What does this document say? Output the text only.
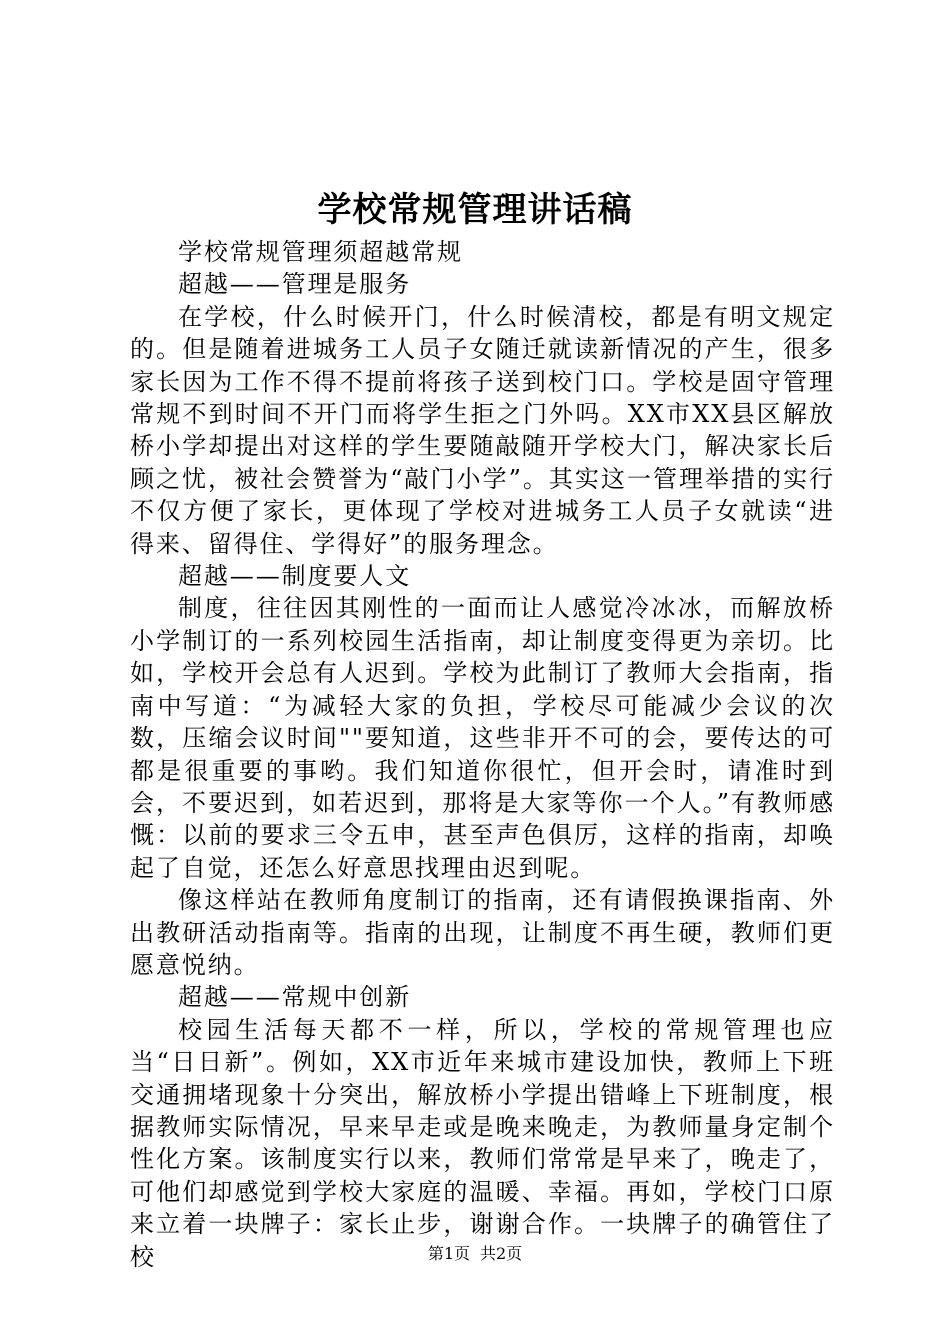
学校常规管理讲话稿

学校常规管理须超越常规

超越——管理是服务

在学校，什么时候开门，什么时候清校，都是有明文规定的。但是随着进城务工人员子女随迁就读新情况的产生，很多家长因为工作不得不提前将孩子送到校门口。学校是固守管理常规不到时间不开门而将学生拒之门外吗。XX市XX县区解放桥小学却提出对这样的学生要随敲随开学校大门，解决家长后顾之忧，被社会赞誉为“敲门小学”。其实这一管理举措的实行不仅方便了家长，更体现了学校对进城务工人员子女就读“进得来、留得住、学得好”的服务理念。

超越——制度要人文

制度，往往因其刚性的一面而让人感觉冷冰冰，而解放桥小学制订的一系列校园生活指南，却让制度变得更为亲切。比如，学校开会总有人迟到。学校为此制订了教师大会指南，指南中写道：“为减轻大家的负担，学校尽可能减少会议的次数，压缩会议时间""要知道，这些非开不可的会，要传达的可都是很重要的事哟。我们知道你很忙，但开会时，请准时到会，不要迟到，如若迟到，那将是大家等你一个人。”有教师感慨：以前的要求三令五申，甚至声色俱厉，这样的指南，却唤起了自觉，还怎么好意思找理由迟到呢。

像这样站在教师角度制订的指南，还有请假换课指南、外出教研活动指南等。指南的出现，让制度不再生硬，教师们更愿意悦纳。

超越——常规中创新

校园生活每天都不一样，所以，学校的常规管理也应当“日日新”。例如，XX市近年来城市建设加快，教师上下班交通拥堵现象十分突出，解放桥小学提出错峰上下班制度，根据教师实际情况，早来早走或是晚来晚走，为教师量身定制个性化方案。该制度实行以来，教师们常常是早来了，晚走了，可他们却感觉到学校大家庭的温暖、幸福。再如，学校门口原来立着一块牌子：家长止步，谢谢合作。一块牌子的确管住了校	第1页 共2页
